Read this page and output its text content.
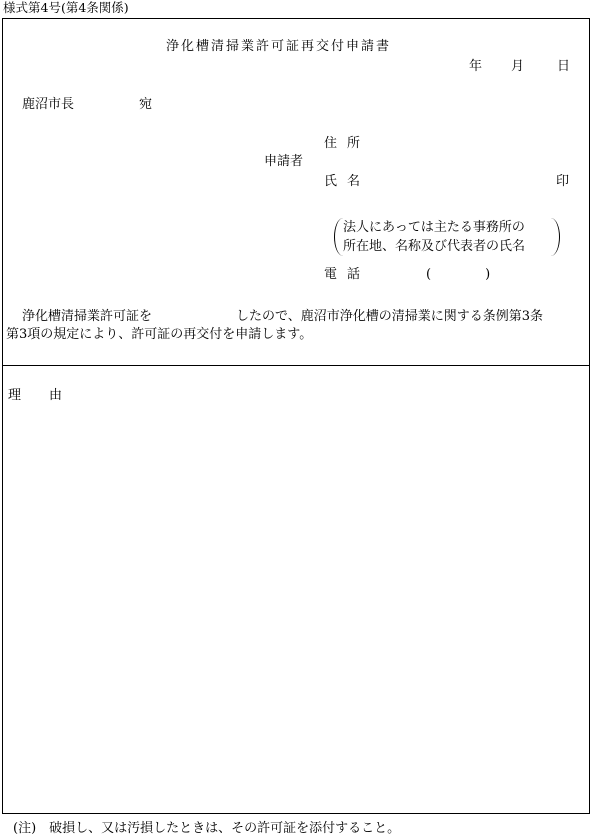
様式第4号(第4条関係)
浄化槽清掃業許可証再交付申請書
年 月	日
鹿沼市長	宛
住所
申請者
氏名	印
法人にあっては主たる事務所の
所在地、名称及び代表者の氏名
電話	(	)
浄化槽清掃業許可証を	したので、鹿沼市浄化槽の清掃業に関する条例第3条
第3項の規定により、許可証の再交付を申請します。
理由
(注)　破損し、又は汚損したときは、その許可証を添付すること。
